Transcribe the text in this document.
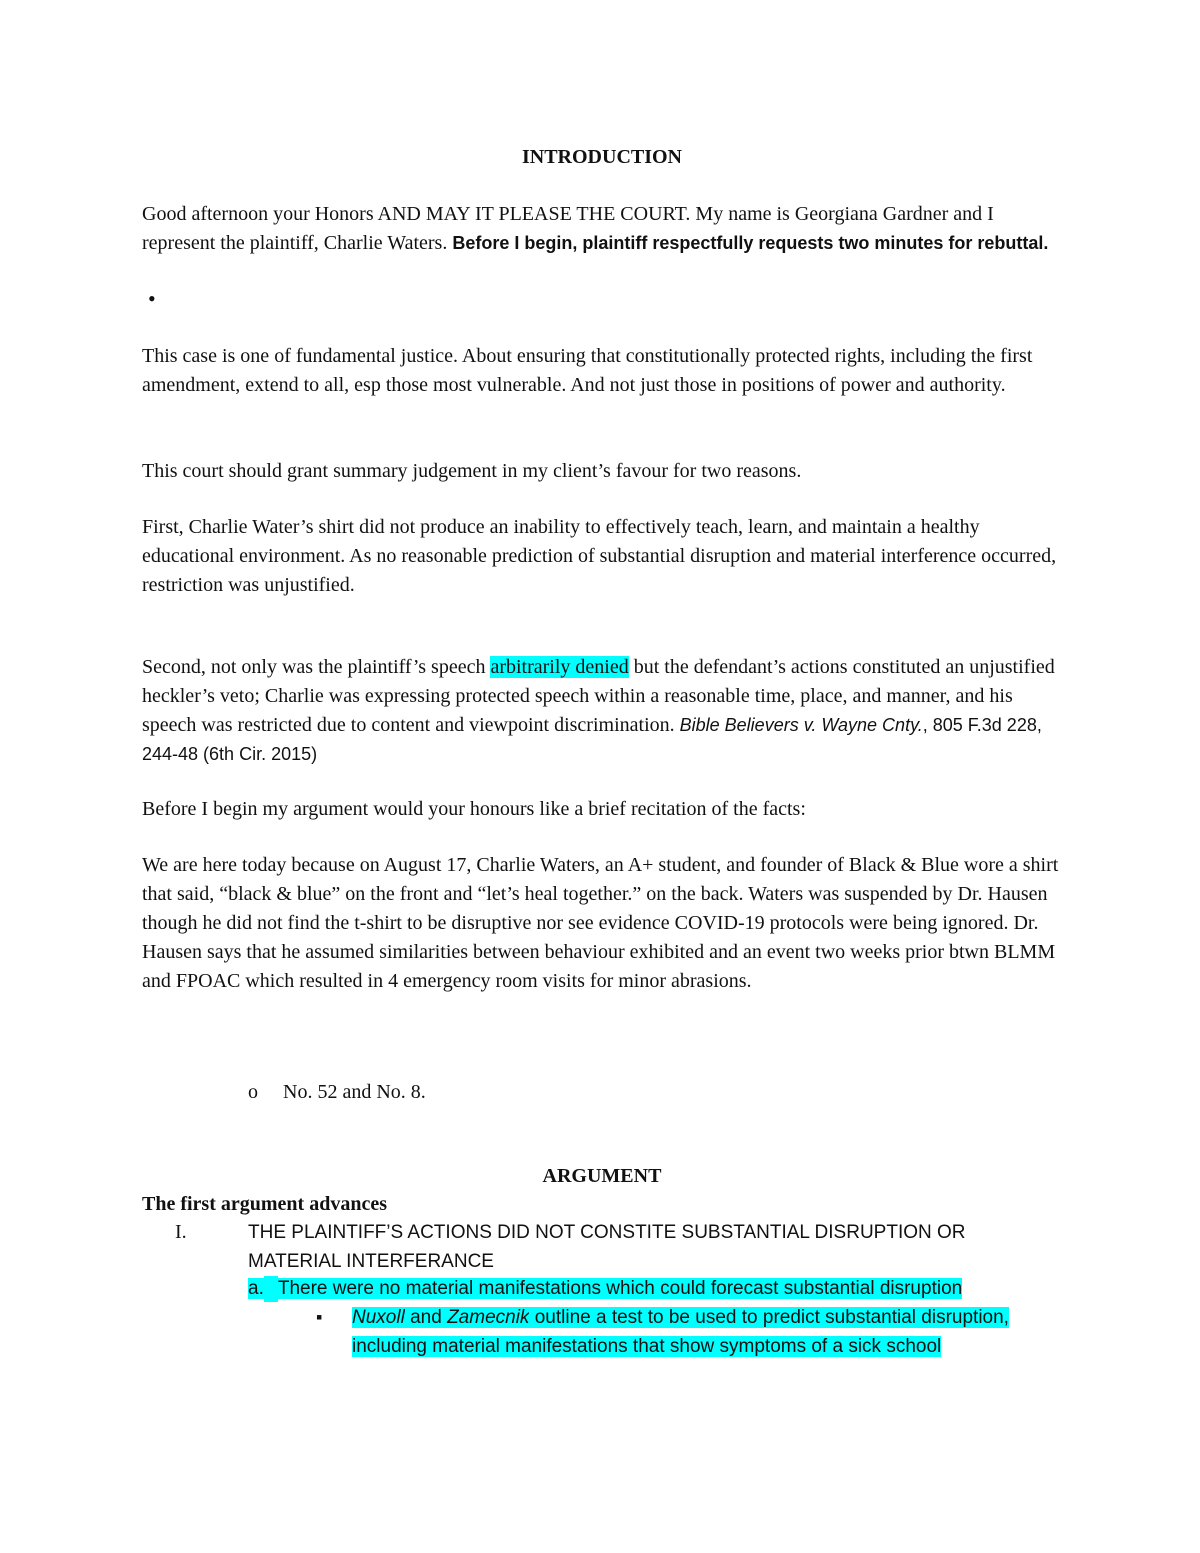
INTRODUCTION
Good afternoon your Honors AND MAY IT PLEASE THE COURT. My name is Georgiana Gardner and I represent the plaintiff, Charlie Waters. Before I begin, plaintiff respectfully requests two minutes for rebuttal.
•
This case is one of fundamental justice. About ensuring that constitutionally protected rights, including the first amendment, extend to all, esp those most vulnerable. And not just those in positions of power and authority.
This court should grant summary judgement in my client’s favour for two reasons.
First, Charlie Water’s shirt did not produce an inability to effectively teach, learn, and maintain a healthy educational environment. As no reasonable prediction of substantial disruption and material interference occurred, restriction was unjustified.
Second, not only was the plaintiff’s speech arbitrarily denied but the defendant’s actions constituted an unjustified heckler’s veto; Charlie was expressing protected speech within a reasonable time, place, and manner, and his speech was restricted due to content and viewpoint discrimination. Bible Believers v. Wayne Cnty., 805 F.3d 228, 244-48 (6th Cir. 2015)
Before I begin my argument would your honours like a brief recitation of the facts:
We are here today because on August 17, Charlie Waters, an A+ student, and founder of Black & Blue wore a shirt that said, “black & blue” on the front and “let’s heal together.” on the back. Waters was suspended by Dr. Hausen though he did not find the t-shirt to be disruptive nor see evidence COVID-19 protocols were being ignored. Dr. Hausen says that he assumed similarities between behaviour exhibited and an event two weeks prior btwn BLMM and FPOAC which resulted in 4 emergency room visits for minor abrasions.
o No. 52 and No. 8.
ARGUMENT
The first argument advances
I.	THE PLAINTIFF’S ACTIONS DID NOT CONSTITE SUBSTANTIAL DISRUPTION OR MATERIAL INTERFERANCE
a. There were no material manifestations which could forecast substantial disruption
▪ Nuxoll and Zamecnik outline a test to be used to predict substantial disruption, including material manifestations that show symptoms of a sick school
